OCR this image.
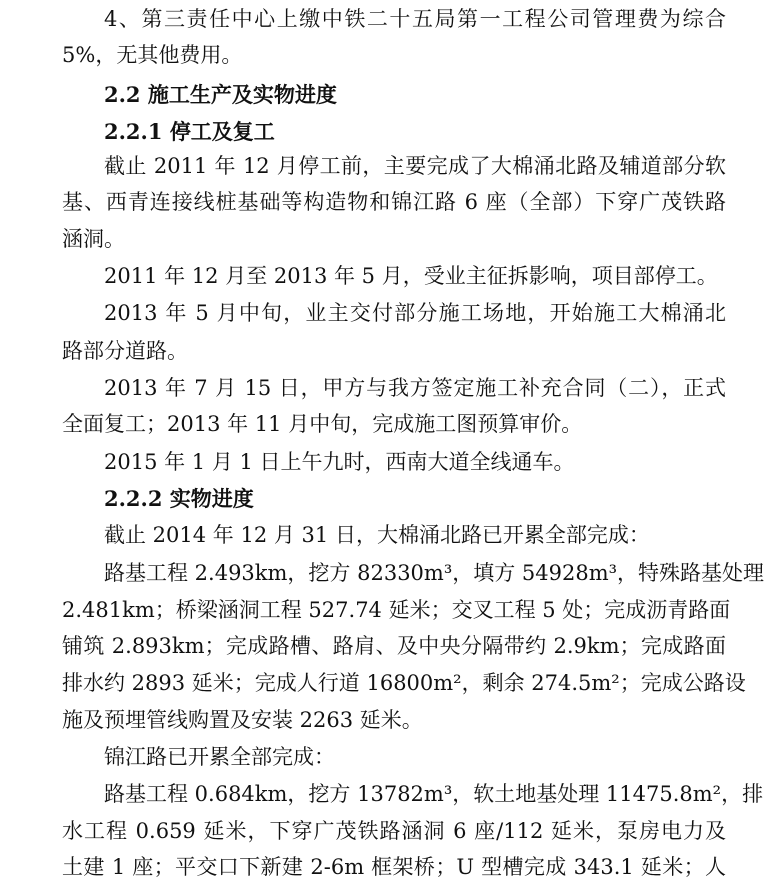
4、第三责任中心上缴中铁二十五局第一工程公司管理费为综合
5%，无其他费用。
2.2 施工生产及实物进度
2.2.1 停工及复工
截止 2011 年 12 月停工前，主要完成了大棉涌北路及辅道部分软
基、西青连接线桩基础等构造物和锦江路 6 座（全部）下穿广茂铁路
涵洞。
2011 年 12 月至 2013 年 5 月，受业主征拆影响，项目部停工。
2013 年 5 月中旬，业主交付部分施工场地，开始施工大棉涌北
路部分道路。
2013 年 7 月 15 日，甲方与我方签定施工补充合同（二），正式
全面复工；2013 年 11 月中旬，完成施工图预算审价。
2015 年 1 月 1 日上午九时，西南大道全线通车。
2.2.2 实物进度
截止 2014 年 12 月 31 日，大棉涌北路已开累全部完成：
路基工程 2.493km，挖方 82330m³，填方 54928m³，特殊路基处理
2.481km；桥梁涵洞工程 527.74 延米；交叉工程 5 处；完成沥青路面
铺筑 2.893km；完成路槽、路肩、及中央分隔带约 2.9km；完成路面
排水约 2893 延米；完成人行道 16800m²，剩余 274.5m²；完成公路设
施及预埋管线购置及安装 2263 延米。
锦江路已开累全部完成：
路基工程 0.684km，挖方 13782m³，软土地基处理 11475.8m²，排
水工程 0.659 延米，下穿广茂铁路涵洞 6 座/112 延米，泵房电力及
土建 1 座；平交口下新建 2-6m 框架桥；U 型槽完成 343.1 延米；人
